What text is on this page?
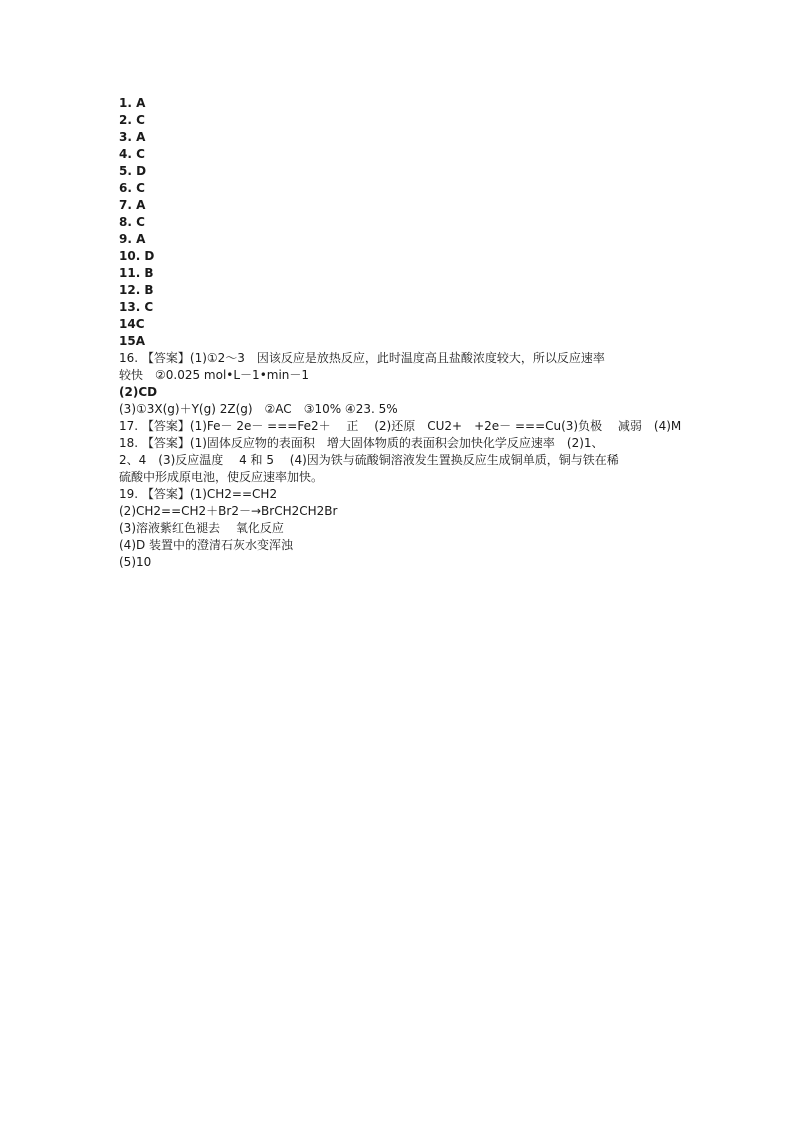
1. A
2. C
3. A
4. C
5. D
6. C
7. A
8. C
9. A
10. D
11. B
12. B
13. C
14C
15A
16. 【答案】(1)①2～3　因该反应是放热反应，此时温度高且盐酸浓度较大，所以反应速率
较快　②0.025 mol•L－1•min－1
(2)CD
(3)①3X(g)＋Y(g) 2Z(g)　②AC　③10% ④23. 5%
17. 【答案】(1)Fe－ 2e－ ===Fe2＋　 正　 (2)还原　CU2+　+2e－ ===Cu(3)负极　 减弱　(4)M
18. 【答案】(1)固体反应物的表面积　增大固体物质的表面积会加快化学反应速率　(2)1、
2、4　(3)反应温度　 4 和 5　 (4)因为铁与硫酸铜溶液发生置换反应生成铜单质，铜与铁在稀
硫酸中形成原电池，使反应速率加快。
19. 【答案】(1)CH2==CH2
(2)CH2==CH2＋Br2－→BrCH2CH2Br
(3)溶液紫红色褪去　 氧化反应
(4)D 装置中的澄清石灰水变浑浊
(5)10
